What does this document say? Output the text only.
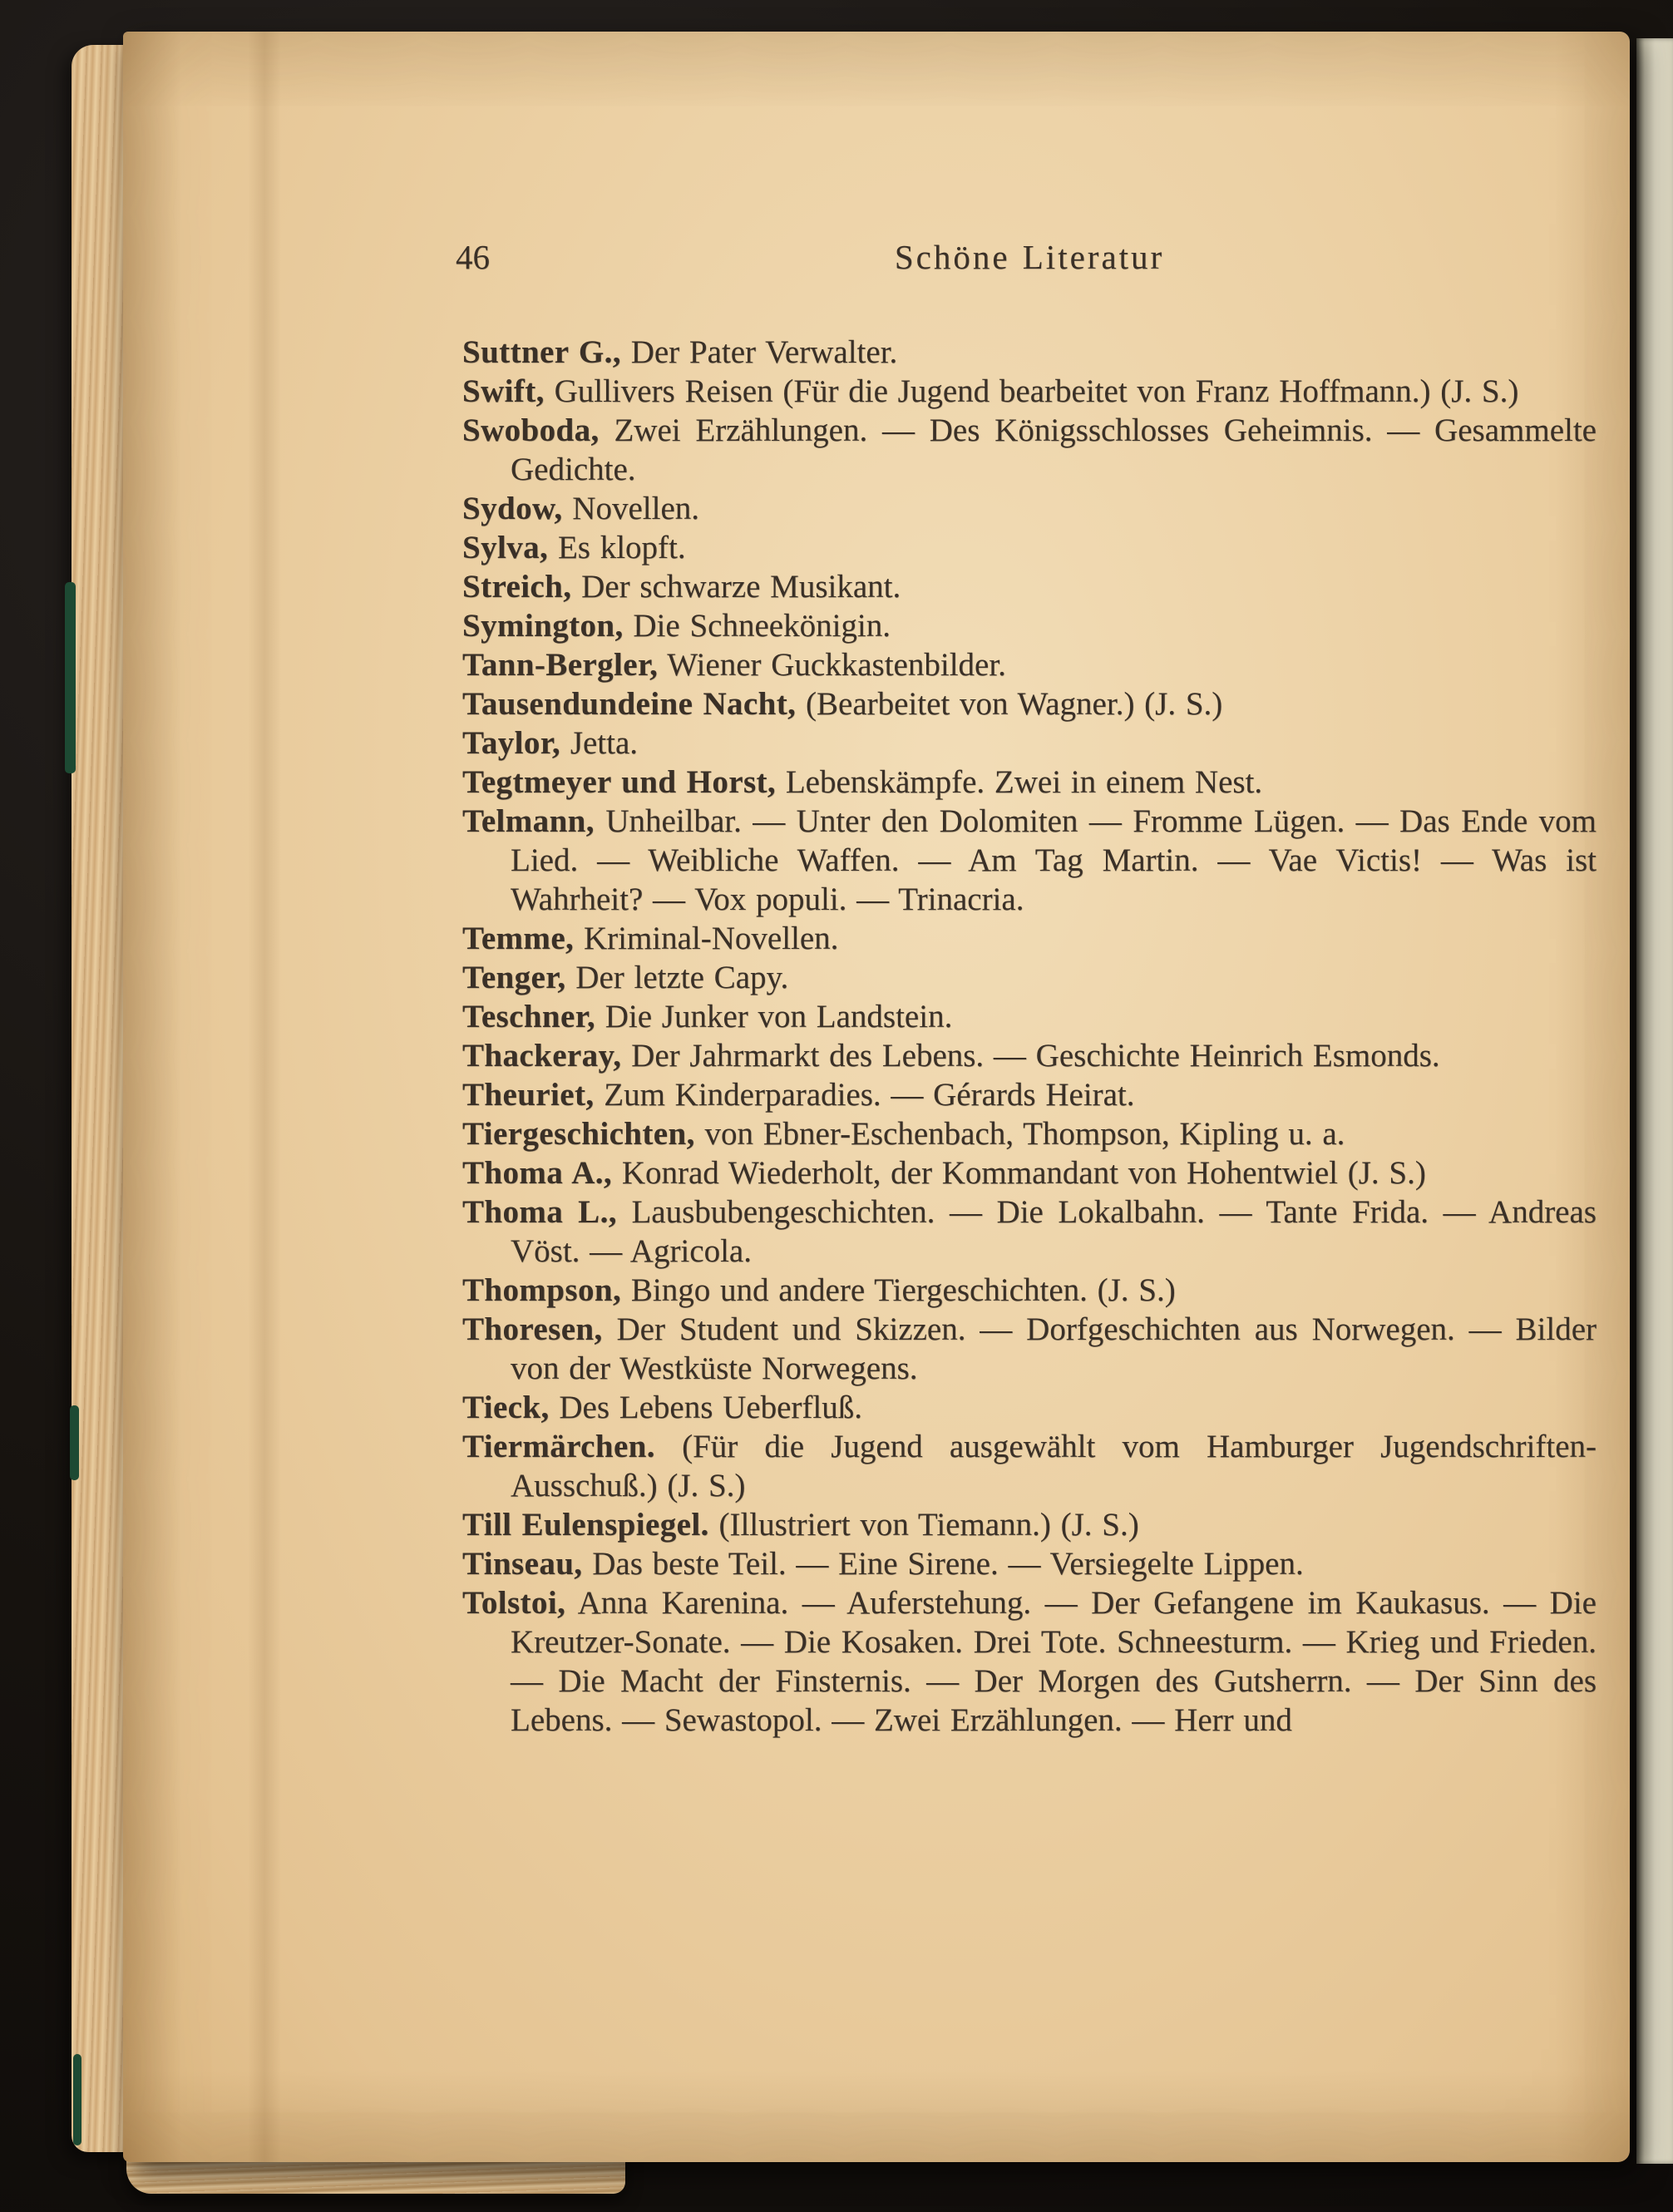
46	Schöne Literatur

Suttner G., Der Pater Verwalter.

Swift, Gullivers Reisen (Für die Jugend bearbeitet von Franz Hoffmann.) (J. S.)

Swoboda, Zwei Erzählungen. — Des Königsschlosses Geheimnis. — Gesammelte Gedichte.

Sydow, Novellen.

Sylva, Es klopft.

Streich, Der schwarze Musikant.

Symington, Die Schneekönigin.

Tann-Bergler, Wiener Guckkastenbilder.

Tausendundeine Nacht, (Bearbeitet von Wagner.) (J. S.)

Taylor, Jetta.

Tegtmeyer und Horst, Lebenskämpfe. Zwei in einem Nest.

Telmann, Unheilbar. — Unter den Dolomiten — Fromme Lügen. — Das Ende vom Lied. — Weibliche Waffen. — Am Tag Martin. — Vae Victis! — Was ist Wahrheit? — Vox populi. — Trinacria.

Temme, Kriminal-Novellen.

Tenger, Der letzte Capy.

Teschner, Die Junker von Landstein.

Thackeray, Der Jahrmarkt des Lebens. — Geschichte Heinrich Esmonds.

Theuriet, Zum Kinderparadies. — Gérards Heirat.

Tiergeschichten, von Ebner-Eschenbach, Thompson, Kipling u. a.

Thoma A., Konrad Wiederholt, der Kommandant von Hohentwiel (J. S.)

Thoma L., Lausbubengeschichten. — Die Lokalbahn. — Tante Frida. — Andreas Vöst. — Agricola.

Thompson, Bingo und andere Tiergeschichten. (J. S.)

Thoresen, Der Student und Skizzen. — Dorfgeschichten aus Norwegen. — Bilder von der Westküste Norwegens.

Tieck, Des Lebens Ueberfluß.

Tiermärchen. (Für die Jugend ausgewählt vom Hamburger Jugendschriften-Ausschuß.) (J. S.)

Till Eulenspiegel. (Illustriert von Tiemann.) (J. S.)

Tinseau, Das beste Teil. — Eine Sirene. — Versiegelte Lippen.

Tolstoi, Anna Karenina. — Auferstehung. — Der Gefangene im Kaukasus. — Die Kreutzer-Sonate. — Die Kosaken. Drei Tote. Schneesturm. — Krieg und Frieden. — Die Macht der Finsternis. — Der Morgen des Gutsherrn. — Der Sinn des Lebens. — Sewastopol. — Zwei Erzählungen. — Herr und
